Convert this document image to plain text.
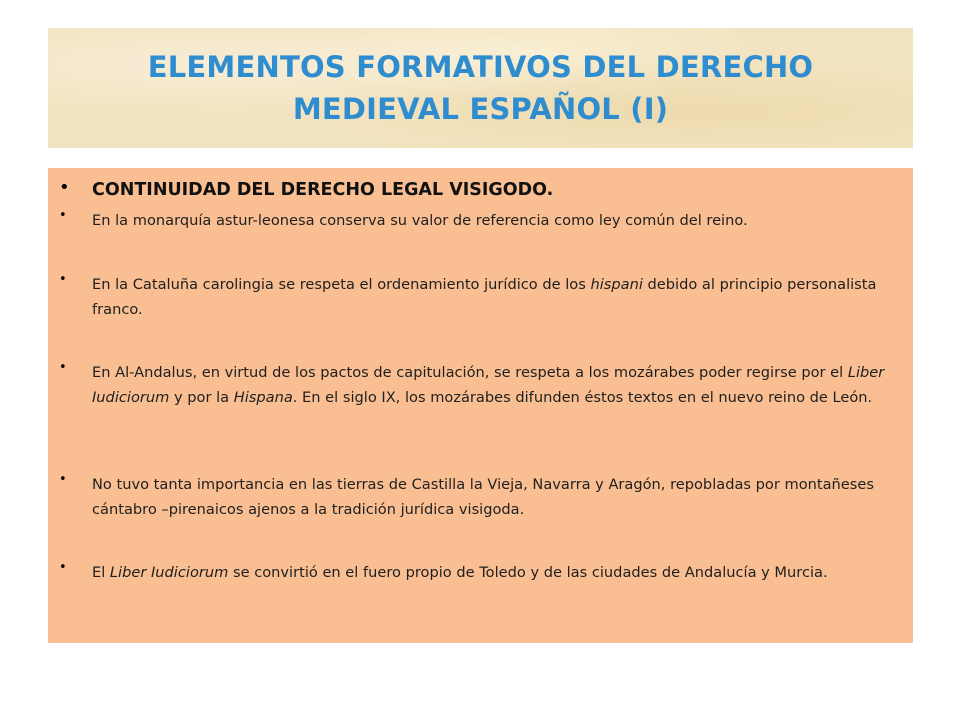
ELEMENTOS FORMATIVOS DEL DERECHO
MEDIEVAL ESPAÑOL (I)
• CONTINUIDAD DEL DERECHO LEGAL VISIGODO.
• En la monarquía astur-leonesa conserva su valor de referencia como ley común del reino.
• En la Cataluña carolingia se respeta el ordenamiento jurídico de los hispani debido al principio personalista franco.
• En Al-Andalus, en virtud de los pactos de capitulación, se respeta a los mozárabes poder regirse por el Liber Iudiciorum y por la Hispana. En el siglo IX, los mozárabes difunden éstos textos en el nuevo reino de León.
• No tuvo tanta importancia en las tierras de Castilla la Vieja, Navarra y Aragón, repobladas por montañeses cántabro –pirenaicos ajenos a la tradición jurídica visigoda.
• El Liber Iudiciorum se convirtió en el fuero propio de Toledo y de las ciudades de Andalucía y Murcia.
